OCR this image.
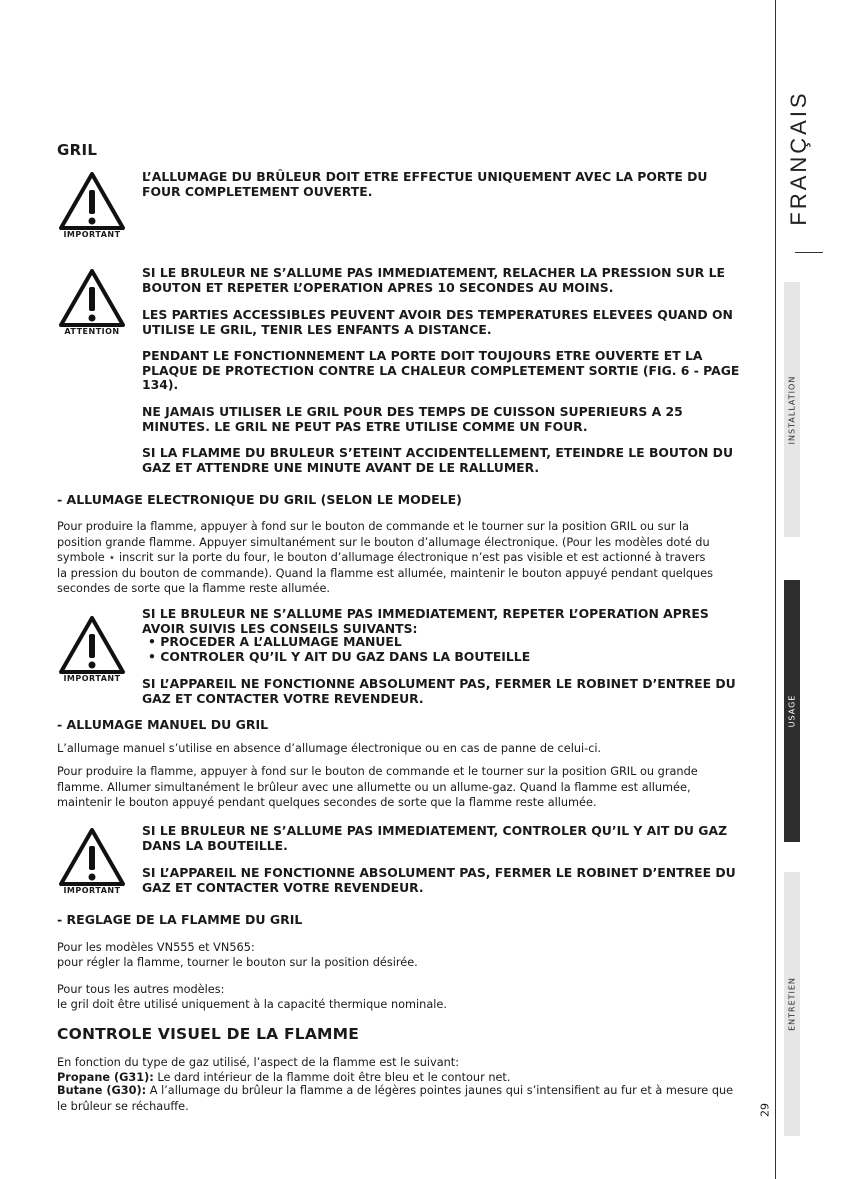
FRANÇAIS
INSTALLATION
USAGE
ENTRETIEN
29
GRIL
IMPORTANT
L’ALLUMAGE DU BRÛLEUR DOIT ETRE EFFECTUE UNIQUEMENT AVEC LA PORTE DU FOUR COMPLETEMENT OUVERTE.
ATTENTION
SI LE BRULEUR NE S’ALLUME PAS IMMEDIATEMENT, RELACHER LA PRESSION SUR LE BOUTON ET REPETER L’OPERATION APRES 10 SECONDES AU MOINS.
LES PARTIES ACCESSIBLES PEUVENT AVOIR DES TEMPERATURES ELEVEES QUAND ON UTILISE LE GRIL, TENIR LES ENFANTS A DISTANCE.
PENDANT LE FONCTIONNEMENT LA PORTE DOIT TOUJOURS ETRE OUVERTE ET LA PLAQUE DE PROTECTION CONTRE LA CHALEUR COMPLETEMENT SORTIE (FIG. 6 - PAGE 134).
NE JAMAIS UTILISER LE GRIL POUR DES TEMPS DE CUISSON SUPERIEURS A 25 MINUTES. LE GRIL NE PEUT PAS ETRE UTILISE COMME UN FOUR.
SI LA FLAMME DU BRULEUR S’ETEINT ACCIDENTELLEMENT, ETEINDRE LE BOUTON DU GAZ ET ATTENDRE UNE MINUTE AVANT DE LE RALLUMER.
- ALLUMAGE ELECTRONIQUE DU GRIL (SELON LE MODELE)
Pour produire la flamme, appuyer à fond sur le bouton de commande et le tourner sur la position GRIL ou sur la position grande flamme. Appuyer simultanément sur le bouton d’allumage électronique. (Pour les modèles doté du symbole ⋆ inscrit sur la porte du four, le bouton d’allumage électronique n’est pas visible et est actionné à travers la pression du bouton de commande). Quand la flamme est allumée, maintenir le bouton appuyé pendant quelques secondes de sorte que la flamme reste allumée.
IMPORTANT
SI LE BRULEUR NE S’ALLUME PAS IMMEDIATEMENT, REPETER L’OPERATION APRES AVOIR SUIVIS LES CONSEILS SUIVANTS:
• PROCEDER A L’ALLUMAGE MANUEL
• CONTROLER QU’IL Y AIT DU GAZ DANS LA BOUTEILLE
SI L’APPAREIL NE FONCTIONNE ABSOLUMENT PAS, FERMER LE ROBINET D’ENTREE DU GAZ ET CONTACTER VOTRE REVENDEUR.
- ALLUMAGE MANUEL DU GRIL
L’allumage manuel s’utilise en absence d’allumage électronique ou en cas de panne de celui-ci.
Pour produire la flamme, appuyer à fond sur le bouton de commande et le tourner sur la position GRIL ou grande flamme. Allumer simultanément le brûleur avec une allumette ou un allume-gaz. Quand la flamme est allumée, maintenir le bouton appuyé pendant quelques secondes de sorte que la flamme reste allumée.
IMPORTANT
SI LE BRULEUR NE S’ALLUME PAS IMMEDIATEMENT, CONTROLER QU’IL Y AIT DU GAZ DANS LA BOUTEILLE.
SI L’APPAREIL NE FONCTIONNE ABSOLUMENT PAS, FERMER LE ROBINET D’ENTREE DU GAZ ET CONTACTER VOTRE REVENDEUR.
- REGLAGE DE LA FLAMME DU GRIL
Pour les modèles VN555 et VN565:
pour régler la flamme, tourner le bouton sur la position désirée.
Pour tous les autres modèles:
le gril doit être utilisé uniquement à la capacité thermique nominale.
CONTROLE VISUEL DE LA FLAMME
En fonction du type de gaz utilisé, l’aspect de la flamme est le suivant:
Propane (G31): Le dard intérieur de la flamme doit être bleu et le contour net.
Butane (G30): A l’allumage du brûleur la flamme a de légères pointes jaunes qui s’intensifient au fur et à mesure que le brûleur se réchauffe.
